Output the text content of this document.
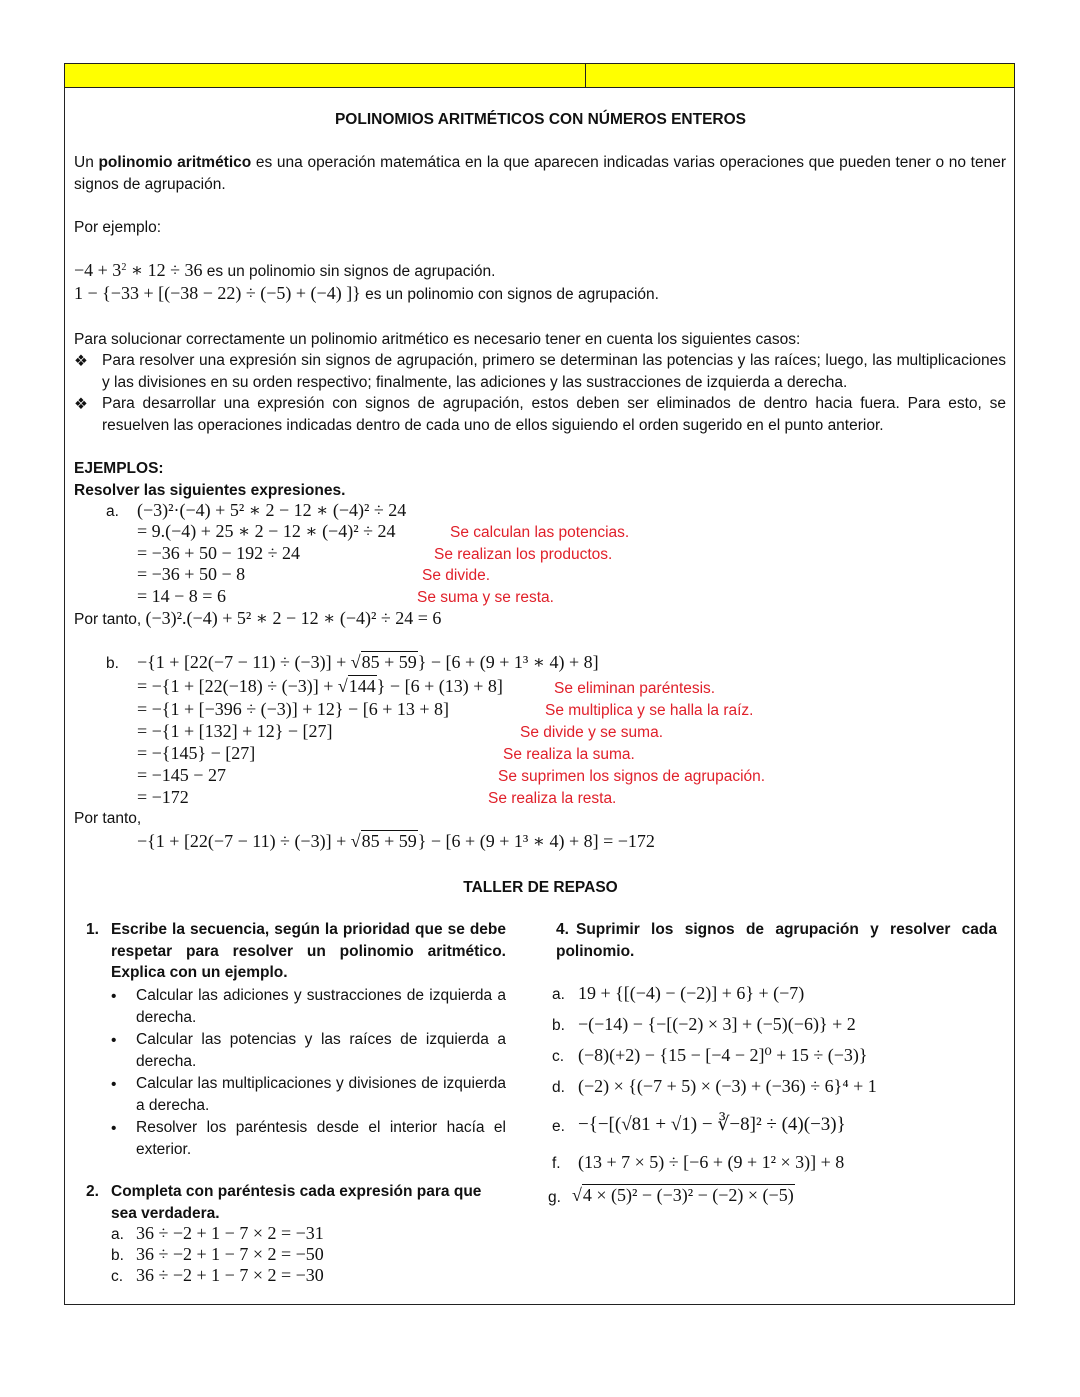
POLINOMIOS ARITMÉTICOS CON NÚMEROS ENTEROS
Un polinomio aritmético es una operación matemática en la que aparecen indicadas varias operaciones que pueden tener o no tener signos de agrupación.
Por ejemplo:
$-4 + 3^2$ ∗ 12 ÷ 36 es un polinomio sin signos de agrupación.
1 − {−33 + [(−38 − 22) ÷ (−5) + (−4) ]} es un polinomio con signos de agrupación.
Para solucionar correctamente un polinomio aritmético es necesario tener en cuenta los siguientes casos:
❖ Para resolver una expresión sin signos de agrupación, primero se determinan las potencias y las raíces; luego, las multiplicaciones y las divisiones en su orden respectivo; finalmente, las adiciones y las sustracciones de izquierda a derecha.
❖ Para desarrollar una expresión con signos de agrupación, estos deben ser eliminados de dentro hacia fuera. Para esto, se resuelven las operaciones indicadas dentro de cada uno de ellos siguiendo el orden sugerido en el punto anterior.
EJEMPLOS:
Resolver las siguientes expresiones.
a. (−3)²·(−4) + 5² ∗ 2 − 12 ∗ (−4)² ÷ 24
= 9.(−4) + 25 ∗ 2 − 12 ∗ (−4)² ÷ 24	Se calculan las potencias.
= −36 + 50 − 192 ÷ 24	Se realizan los productos.
= −36 + 50 − 8	Se divide.
= 14 − 8 = 6	Se suma y se resta.
Por tanto, (−3)².(−4) + 5² ∗ 2 − 12 ∗ (−4)² ÷ 24 = 6
b. −{1 + [22(−7 − 11) ÷ (−3)] + √85 + 59} − [6 + (9 + 1³ ∗ 4) + 8]
= −{1 + [22(−18) ÷ (−3)] + √144} − [6 + (13) + 8]	Se eliminan paréntesis.
= −{1 + [−396 ÷ (−3)] + 12} − [6 + 13 + 8]	Se multiplica y se halla la raíz.
= −{1 + [132] + 12} − [27]	Se divide y se suma.
= −{145} − [27]	Se realiza la suma.
= −145 − 27	Se suprimen los signos de agrupación.
= −172	Se realiza la resta.
Por tanto,
−{1 + [22(−7 − 11) ÷ (−3)] + √85 + 59} − [6 + (9 + 1³ ∗ 4) + 8] = −172
TALLER DE REPASO
1. Escribe la secuencia, según la prioridad que se debe respetar para resolver un polinomio aritmético. Explica con un ejemplo.
• Calcular las adiciones y sustracciones de izquierda a derecha.
• Calcular las potencias y las raíces de izquierda a derecha.
• Calcular las multiplicaciones y divisiones de izquierda a derecha.
• Resolver los paréntesis desde el interior hacía el exterior.
2. Completa con paréntesis cada expresión para que sea verdadera.
a. 36 ÷ −2 + 1 − 7 × 2 = −31
b. 36 ÷ −2 + 1 − 7 × 2 = −50
c. 36 ÷ −2 + 1 − 7 × 2 = −30
4. Suprimir los signos de agrupación y resolver cada polinomio.
a. 19 + {[(−4) − (−2)] + 6} + (−7)
b. −(−14) − {−[(−2) × 3] + (−5)(−6)} + 2
c. (−8)(+2) − {15 − [−4 − 2]⁰ + 15 ÷ (−3)}
d. (−2) × {(−7 + 5) × (−3) + (−36) ÷ 6}⁴ + 1
e. −{−[(√81 + √1) − ∛−8]² ÷ (4)(−3)}
f. (13 + 7 × 5) ÷ [−6 + (9 + 1² × 3)] + 8
g. √4 × (5)² − (−3)² − (−2) × (−5)
